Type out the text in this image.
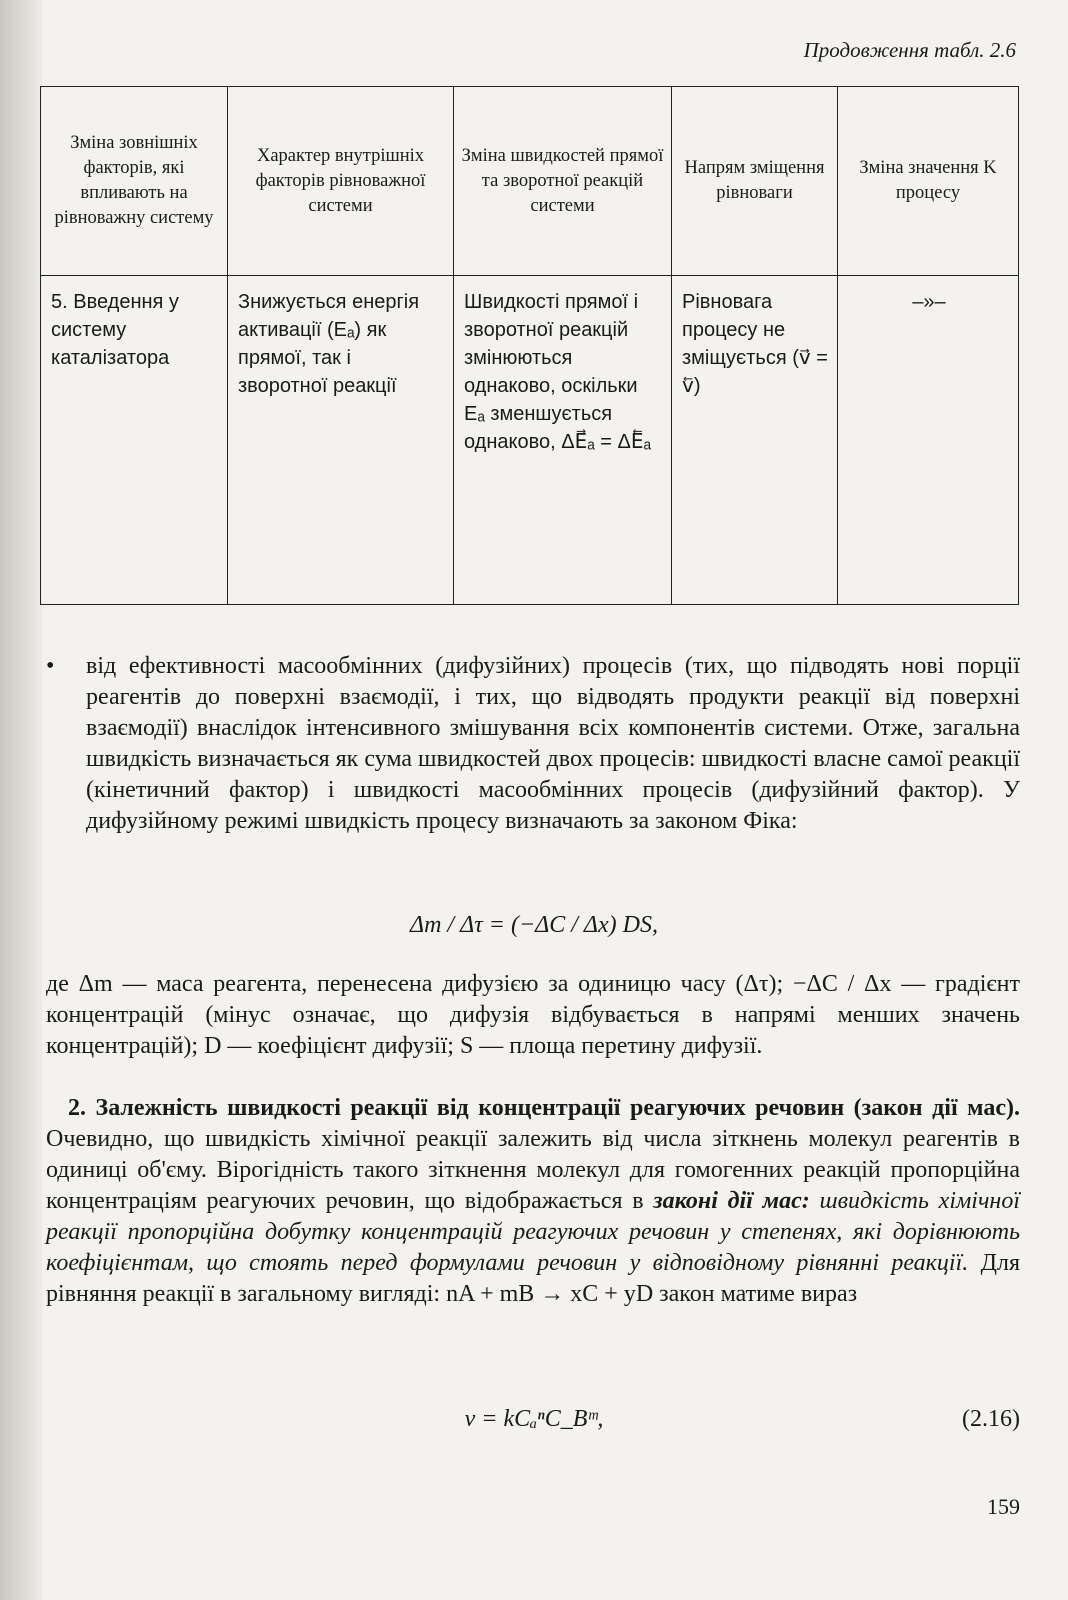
Продовження табл. 2.6
Зміна зовнішніх факторів, які впливають на рівноважну систему	Характер внутрішніх факторів рівноважної системи	Зміна швидкостей прямої та зворотної реакцій системи	Напрям зміщення рівноваги	Зміна значення K процесу
5. Введення у систему каталізатора	Знижується енергія активації (Eₐ) як прямої, так і зворотної реакції	Швидкості прямої і зворотної реакцій змінюються однаково, оскільки Eₐ зменшується однаково, ΔE⃗ₐ = ΔE⃖ₐ	Рівновага процесу не зміщується (v⃗ = v⃖)	–»–
• від ефективності масообмінних (дифузійних) процесів (тих, що підводять нові порції реагентів до поверхні взаємодії, і тих, що відводять продукти реакції від поверхні взаємодії) внаслідок інтенсивного змішування всіх компонентів системи. Отже, загальна швидкість визначається як сума швидкостей двох процесів: швидкості власне самої реакції (кінетичний фактор) і швидкості масообмінних процесів (дифузійний фактор). У дифузійному режимі швидкість процесу визначають за законом Фіка:
Δm / Δτ = (−ΔC / Δx) DS,
де Δm — маса реагента, перенесена дифузією за одиницю часу (Δτ); −ΔC / Δx — градієнт концентрацій (мінус означає, що дифузія відбувається в напрямі менших значень концентрацій); D — коефіцієнт дифузії; S — площа перетину дифузії.
2. Залежність швидкості реакції від концентрації реагуючих речовин (закон дії мас). Очевидно, що швидкість хімічної реакції залежить від числа зіткнень молекул реагентів в одиниці об'єму. Вірогідність такого зіткнення молекул для гомогенних реакцій пропорційна концентраціям реагуючих речовин, що відображається в законі дії мас: швидкість хімічної реакції пропорційна добутку концентрацій реагуючих речовин у степенях, які дорівнюють коефіцієнтам, що стоять перед формулами речовин у відповідному рівнянні реакції. Для рівняння реакції в загальному вигляді: nA + mB → xC + yD закон матиме вираз
v = kCₐⁿC_Bᵐ,	(2.16)
159
